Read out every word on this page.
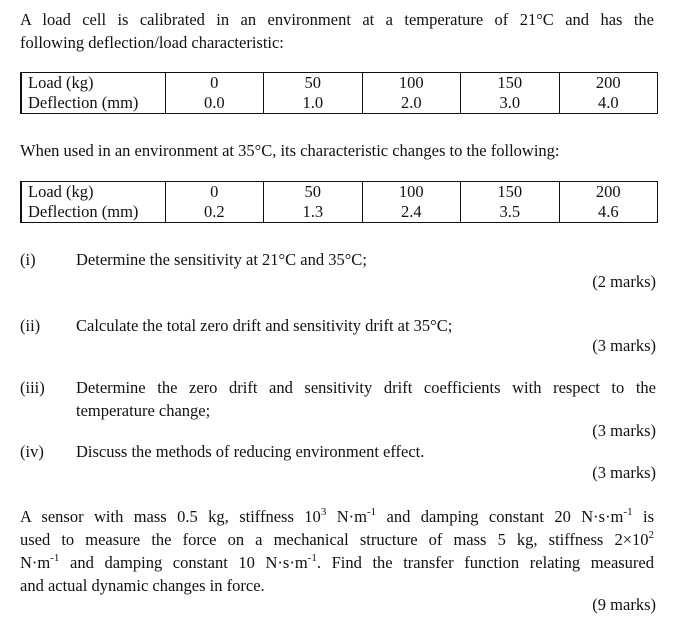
A load cell is calibrated in an environment at a temperature of 21°C and has the
following deflection/load characteristic:
Load (kg)	0	50	100	150	200
Deflection (mm)	0.0	1.0	2.0	3.0	4.0
When used in an environment at 35°C, its characteristic changes to the following:
Load (kg)	0	50	100	150	200
Deflection (mm)	0.2	1.3	2.4	3.5	4.6
(i) Determine the sensitivity at 21°C and 35°C;
(2 marks)
(ii) Calculate the total zero drift and sensitivity drift at 35°C;
(3 marks)
(iii) Determine the zero drift and sensitivity drift coefficients with respect to the
temperature change;
(3 marks)
(iv) Discuss the methods of reducing environment effect.
(3 marks)
A sensor with mass 0.5 kg, stiffness $10^3$ $N\cdot m^{-1}$ and damping constant 20 $N\cdot s\cdot m^{-1}$ is
used to measure the force on a mechanical structure of mass 5 kg, stiffness $2\times 10^2$
$N\cdot m^{-1}$ and damping constant 10 $N\cdot s\cdot m^{-1}$. Find the transfer function relating measured
and actual dynamic changes in force.
(9 marks)
